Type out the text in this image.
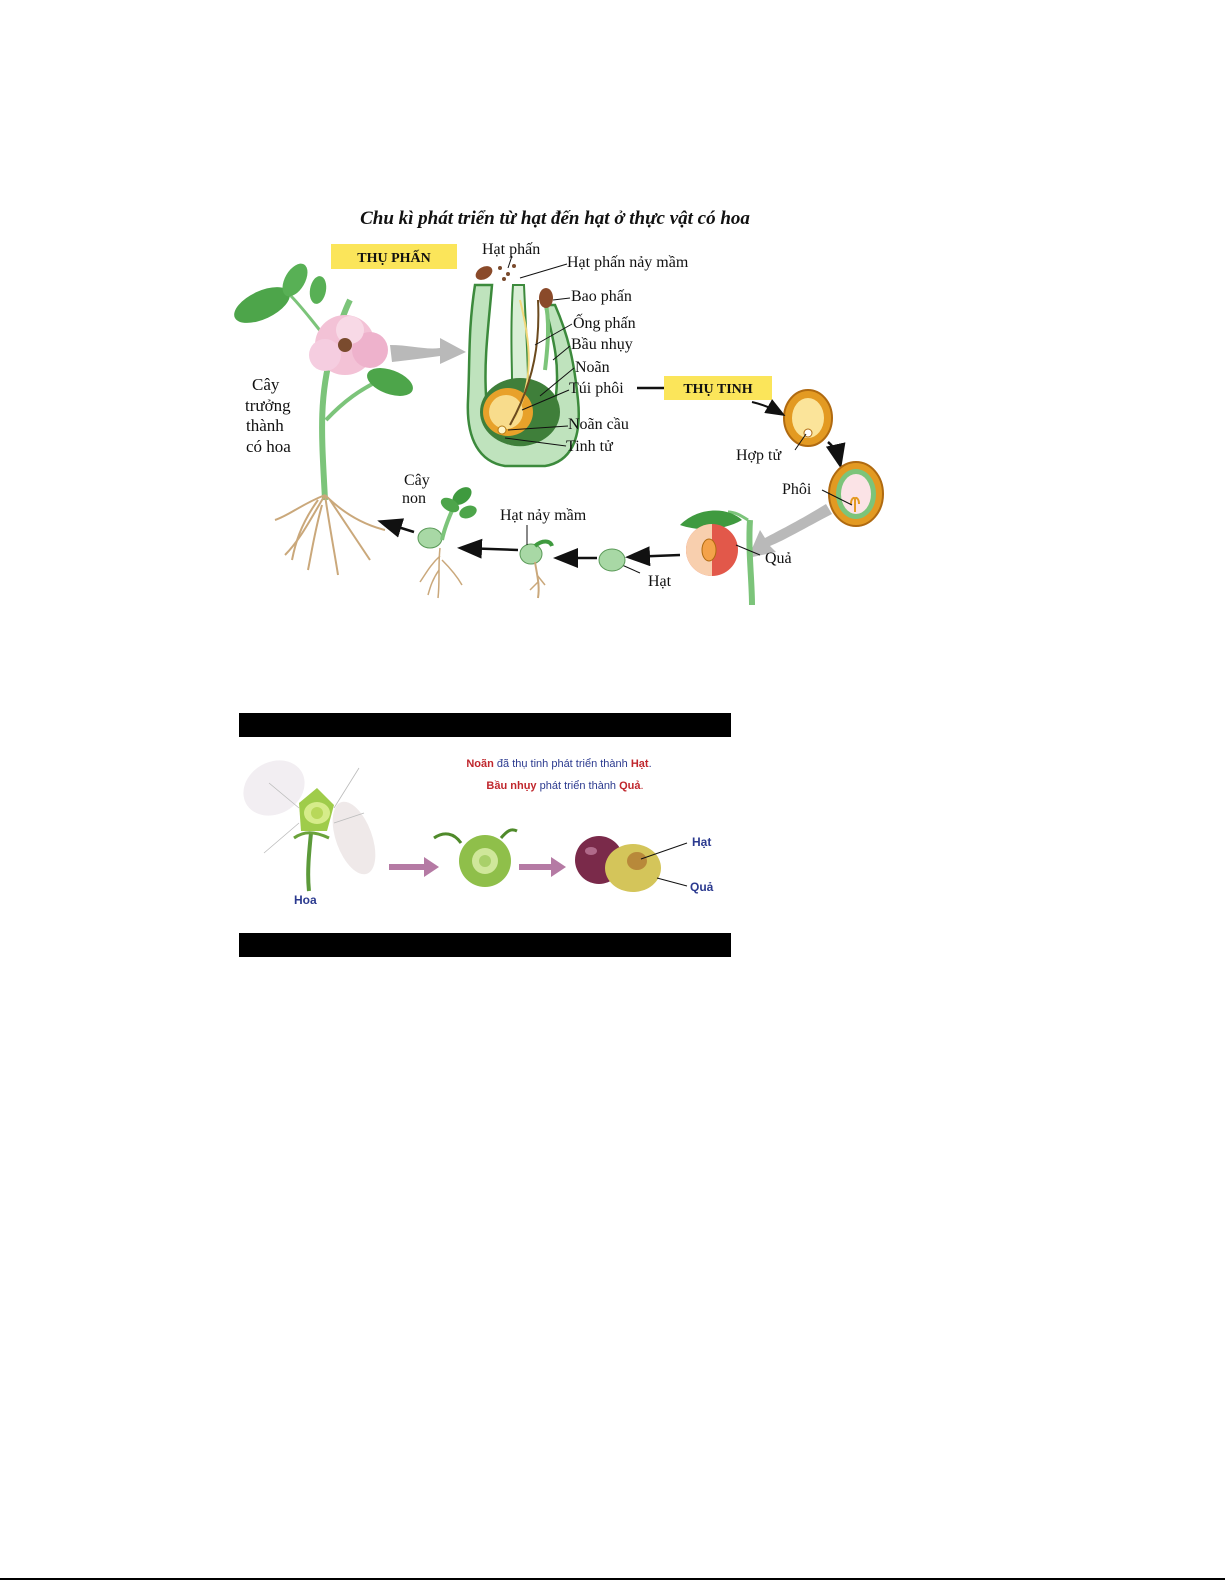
Chu kì phát triển từ hạt đến hạt ở thực vật có hoa
THỤ PHẤN
THỤ TINH
Cây
trưởng
thành
có hoa
Hạt phấn
Hạt phấn nảy mầm
Bao phấn
Ống phấn
Bầu nhụy
Noãn
Túi phôi
Noãn cầu
Tinh tử
Hợp tử
Phôi
Quả
Hạt
Hạt nảy mầm
Cây
non
Noãn đã thụ tinh phát triển thành Hạt.
Bầu nhụy phát triển thành Quả.
Hoa
Hạt
Quả
